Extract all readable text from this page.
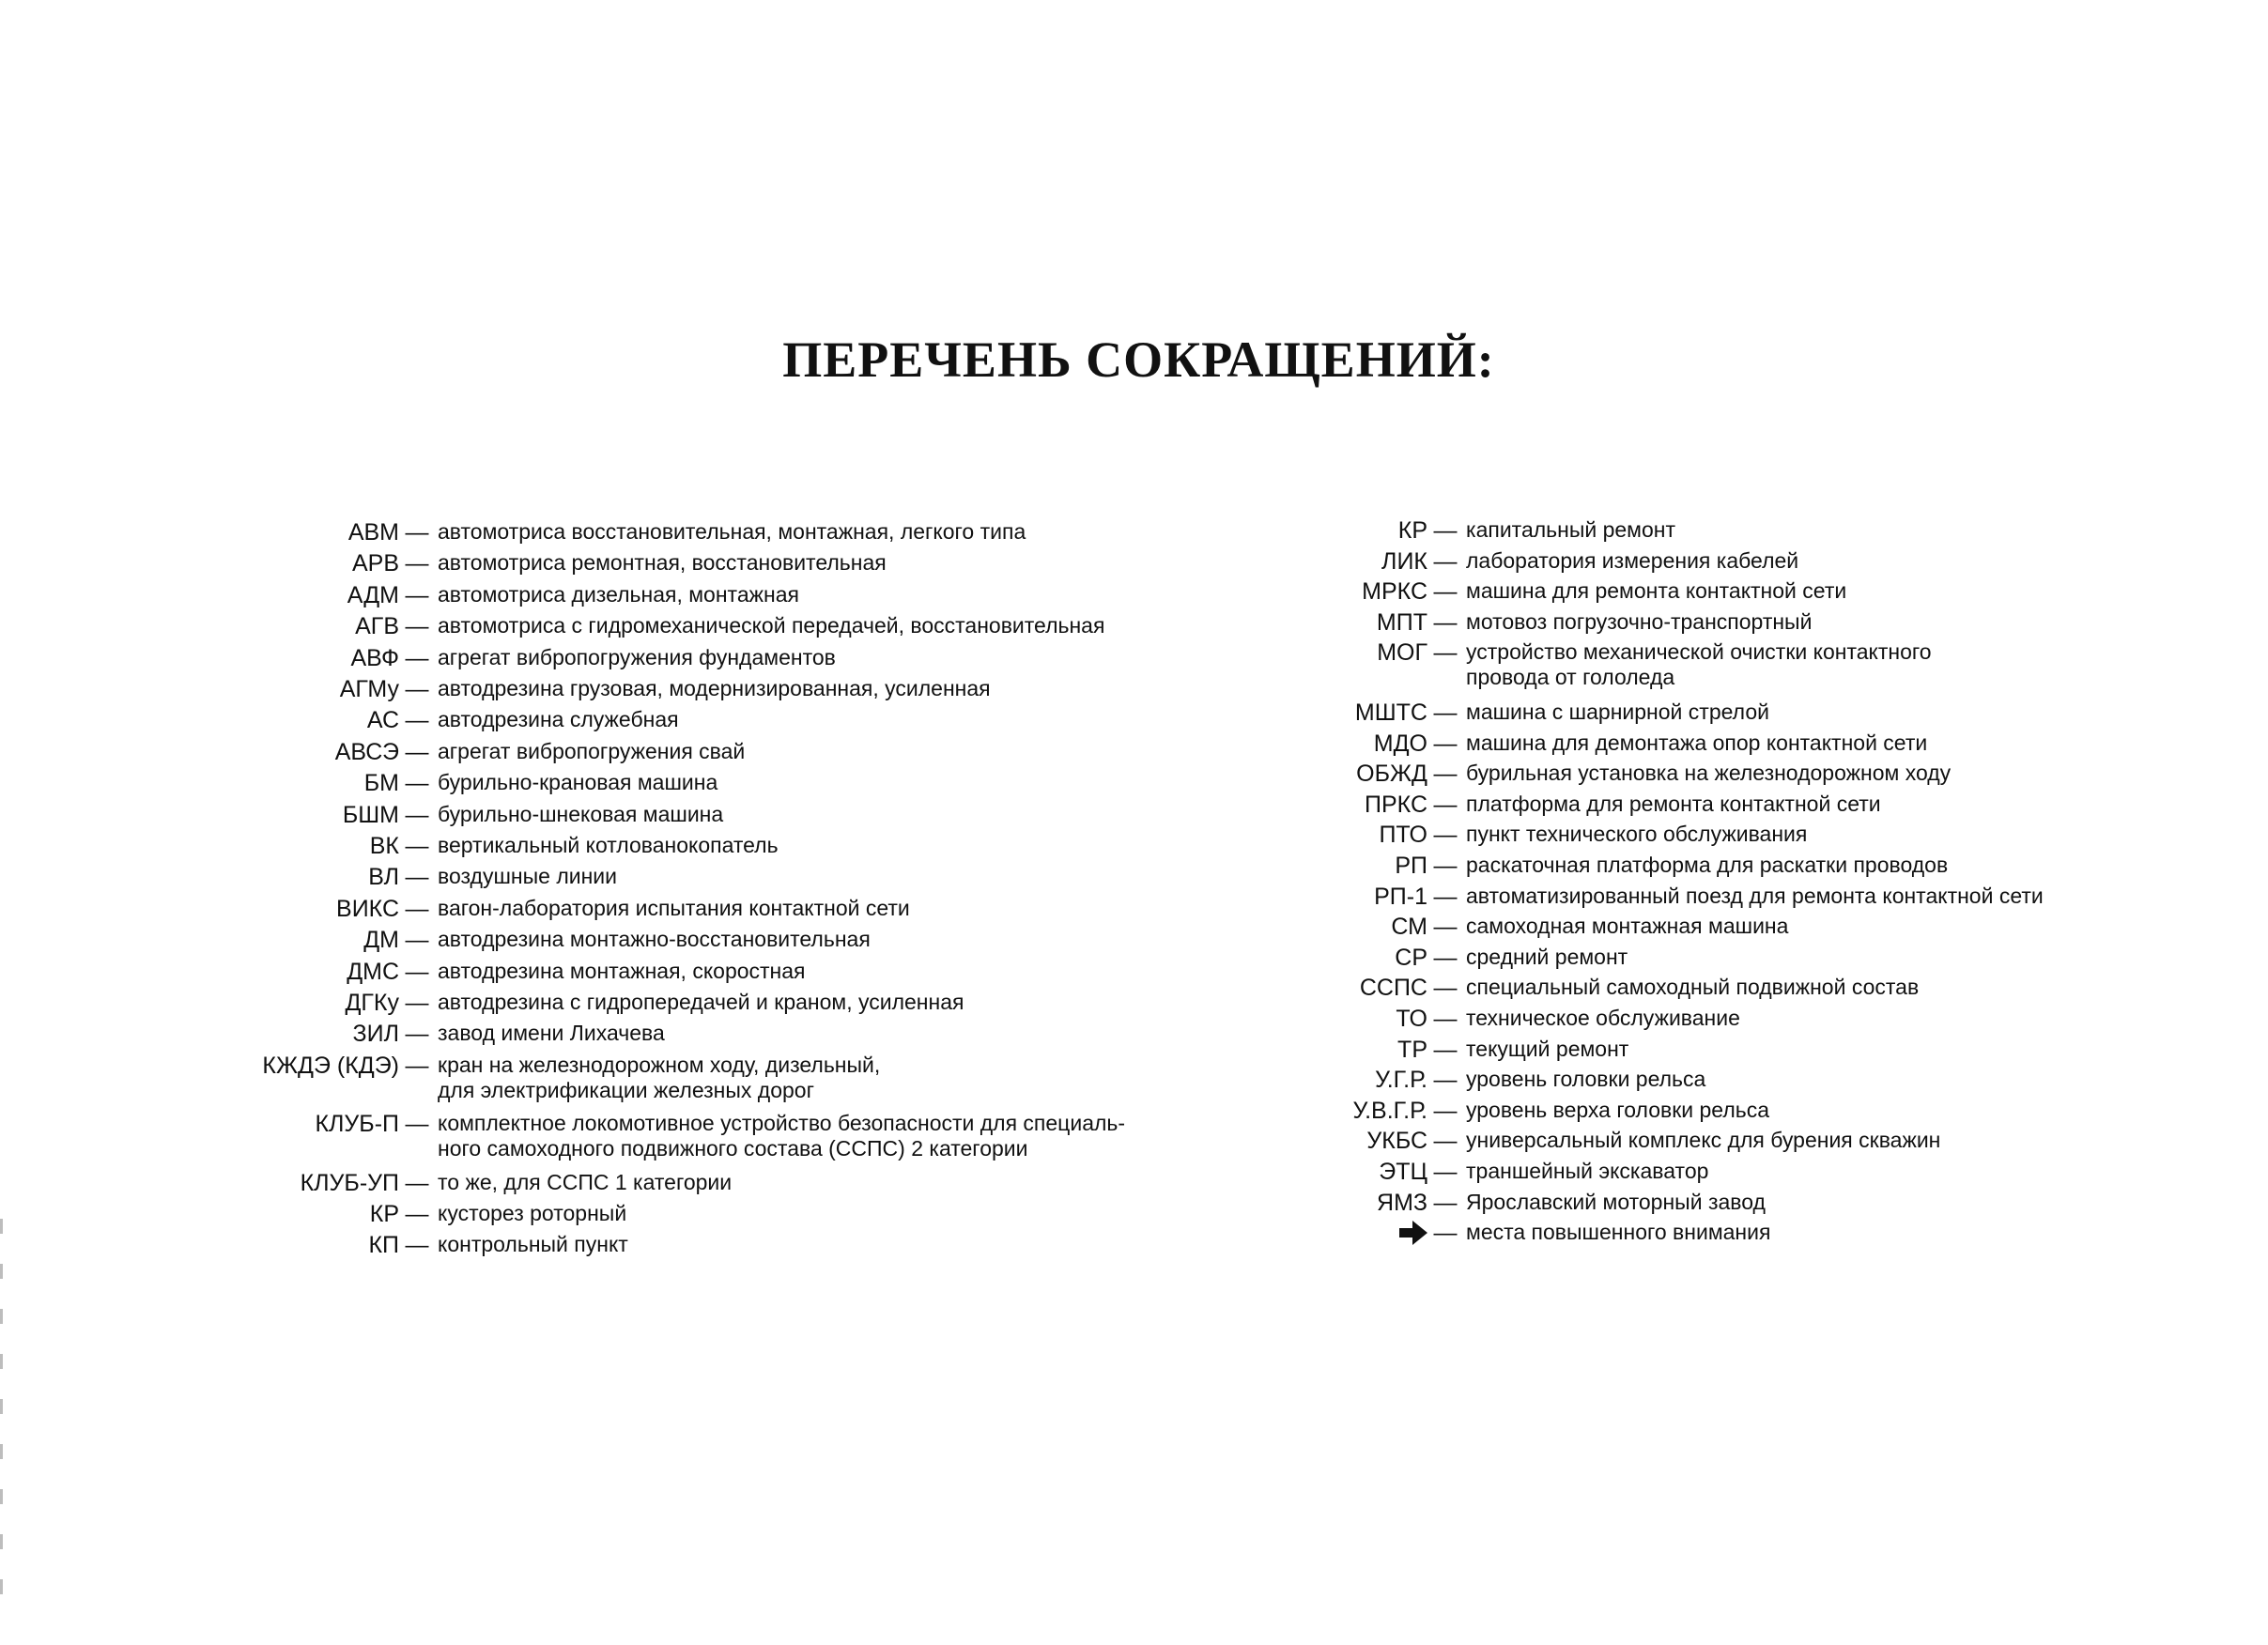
ПЕРЕЧЕНЬ СОКРАЩЕНИЙ:
АВМ — автомотриса восстановительная, монтажная, легкого типа
АРВ — автомотриса ремонтная, восстановительная
АДМ — автомотриса дизельная, монтажная
АГВ — автомотриса с гидромеханической передачей, восстановительная
АВФ — агрегат вибропогружения фундаментов
АГМу — автодрезина грузовая, модернизированная, усиленная
АС — автодрезина служебная
АВСЭ — агрегат вибропогружения свай
БМ — бурильно-крановая машина
БШМ — бурильно-шнековая машина
ВК — вертикальный котлованокопатель
ВЛ — воздушные линии
ВИКС — вагон-лаборатория испытания контактной сети
ДМ — автодрезина монтажно-восстановительная
ДМС — автодрезина монтажная, скоростная
ДГКу — автодрезина с гидропередачей и краном, усиленная
ЗИЛ — завод имени Лихачева
КЖДЭ (КДЭ) — кран на железнодорожном ходу, дизельный,
для электрификации железных дорог
КЛУБ-П — комплектное локомотивное устройство безопасности для специаль-
ного самоходного подвижного состава (ССПС) 2 категории
КЛУБ-УП — то же, для ССПС 1 категории
КР — кусторез роторный
КП — контрольный пункт
КР — капитальный ремонт
ЛИК — лаборатория измерения кабелей
МРКС — машина для ремонта контактной сети
МПТ — мотовоз погрузочно-транспортный
МОГ — устройство механической очистки контактного
провода от гололеда
МШТС — машина с шарнирной стрелой
МДО — машина для демонтажа опор контактной сети
ОБЖД — бурильная установка на железнодорожном ходу
ПРКС — платформа для ремонта контактной сети
ПТО — пункт технического обслуживания
РП — раскаточная платформа для раскатки проводов
РП-1 — автоматизированный поезд для ремонта контактной сети
СМ — самоходная монтажная машина
СР — средний ремонт
ССПС — специальный самоходный подвижной состав
ТО — техническое обслуживание
ТР — текущий ремонт
У.Г.Р. — уровень головки рельса
У.В.Г.Р. — уровень верха головки рельса
УКБС — универсальный комплекс для бурения скважин
ЭТЦ — траншейный экскаватор
ЯМЗ — Ярославский моторный завод
— места повышенного внимания
